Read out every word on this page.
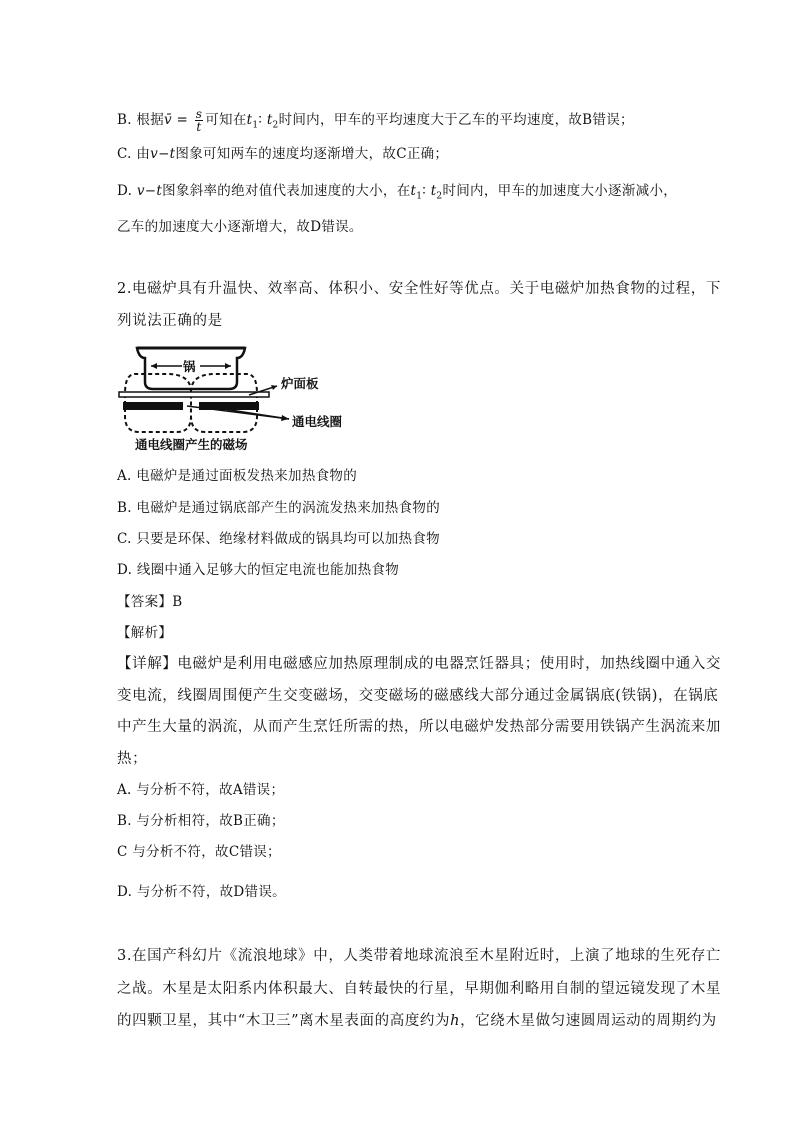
B. 根据v̄ = $\frac{s}{t}$ 可知在$t_1∶$ $t_2$时间内，甲车的平均速度大于乙车的平均速度，故B错误；
C. 由v−t图象可知两车的速度均逐渐增大，故C正确；
D. v−t图象斜率的绝对值代表加速度的大小，在$t_1∶$ $t_2$时间内，甲车的加速度大小逐渐减小，
乙车的加速度大小逐渐增大，故D错误。
2.电磁炉具有升温快、效率高、体积小、安全性好等优点。关于电磁炉加热食物的过程，下
列说法正确的是
锅
炉面板
通电线圈
通电线圈产生的磁场
A. 电磁炉是通过面板发热来加热食物的
B. 电磁炉是通过锅底部产生的涡流发热来加热食物的
C. 只要是环保、绝缘材料做成的锅具均可以加热食物
D. 线圈中通入足够大的恒定电流也能加热食物
【答案】B
【解析】
【详解】电磁炉是利用电磁感应加热原理制成的电器烹饪器具；使用时，加热线圈中通入交
变电流，线圈周围便产生交变磁场，交变磁场的磁感线大部分通过金属锅底(铁锅)，在锅底
中产生大量的涡流，从而产生烹饪所需的热，所以电磁炉发热部分需要用铁锅产生涡流来加
热；
A. 与分析不符，故A错误；
B. 与分析相符，故B正确；
C 与分析不符，故C错误；
D. 与分析不符，故D错误。
3.在国产科幻片《流浪地球》中，人类带着地球流浪至木星附近时，上演了地球的生死存亡
之战。木星是太阳系内体积最大、自转最快的行星，早期伽利略用自制的望远镜发现了木星
的四颗卫星，其中“木卫三”离木星表面的高度约为h，它绕木星做匀速圆周运动的周期约为
